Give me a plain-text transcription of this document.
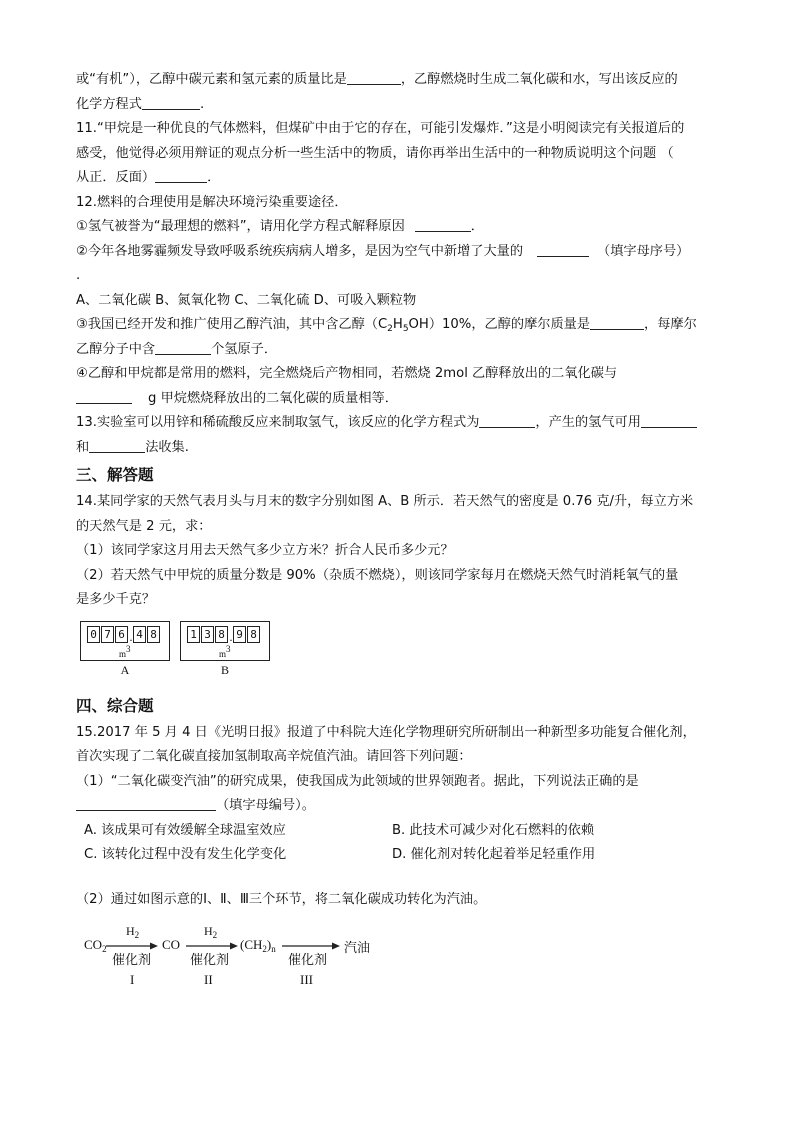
或“有机”），乙醇中碳元素和氢元素的质量比是	，乙醇燃烧时生成二氧化碳和水，写出该反应的
化学方程式	.
11.“甲烷是一种优良的气体燃料，但煤矿中由于它的存在，可能引发爆炸．”这是小明阅读完有关报道后的
感受，他觉得必须用辩证的观点分析一些生活中的物质，请你再举出生活中的一种物质说明这个问题 （
从正．反面）	．
12.燃料的合理使用是解决环境污染重要途径．
①氢气被誉为“最理想的燃料”，请用化学方程式解释原因	．
②今年各地雾霾频发导致呼吸系统疾病病人增多，是因为空气中新增了大量的	（填字母序号）
.
A、二氧化碳 B、氮氧化物 C、二氧化硫 D、可吸入颗粒物
③我国已经开发和推广使用乙醇汽油，其中含乙醇$(C_2H_5OH)10\%$，乙醇的摩尔质量是	，每摩尔
乙醇分子中含	个氢原子．
④乙醇和甲烷都是常用的燃料，完全燃烧后产物相同，若燃烧 2mol 乙醇释放出的二氧化碳与
g 甲烷燃烧释放出的二氧化碳的质量相等．
13.实验室可以用锌和稀硫酸反应来制取氢气，该反应的化学方程式为	，产生的氢气可用
和	法收集.
三、解答题
14.某同学家的天然气表月头与月末的数字分别如图 A、B 所示．若天然气的密度是 0.76 克/升，每立方米
的天然气是 2 元，求：
（1）该同学家这月用去天然气多少立方米？折合人民币多少元？
（2）若天然气中甲烷的质量分数是 90%（杂质不燃烧），则该同学家每月在燃烧天然气时消耗氧气的量
是多少千克？
0 7 6 . 4 8
m3
A
1 3 8 . 9 8
m3
B
四、综合题
15.2017 年 5 月 4 日《光明日报》报道了中科院大连化学物理研究所研制出一种新型多功能复合催化剂，
首次实现了二氧化碳直接加氢制取高辛烷值汽油。请回答下列问题：
（1）“二氧化碳变汽油”的研究成果，使我国成为此领域的世界领跑者。据此，下列说法正确的是
（填字母编号）。
A. 该成果可有效缓解全球温室效应	B. 此技术可减少对化石燃料的依赖
C. 该转化过程中没有发生化学变化	D. 催化剂对转化起着举足轻重作用
（2）通过如图示意的Ⅰ、Ⅱ、Ⅲ三个环节，将二氧化碳成功转化为汽油。
$CO_2$
$H_2$
催化剂
I
CO
$H_2$
催化剂
II
$(CH_2)_n$
催化剂
III
汽油
